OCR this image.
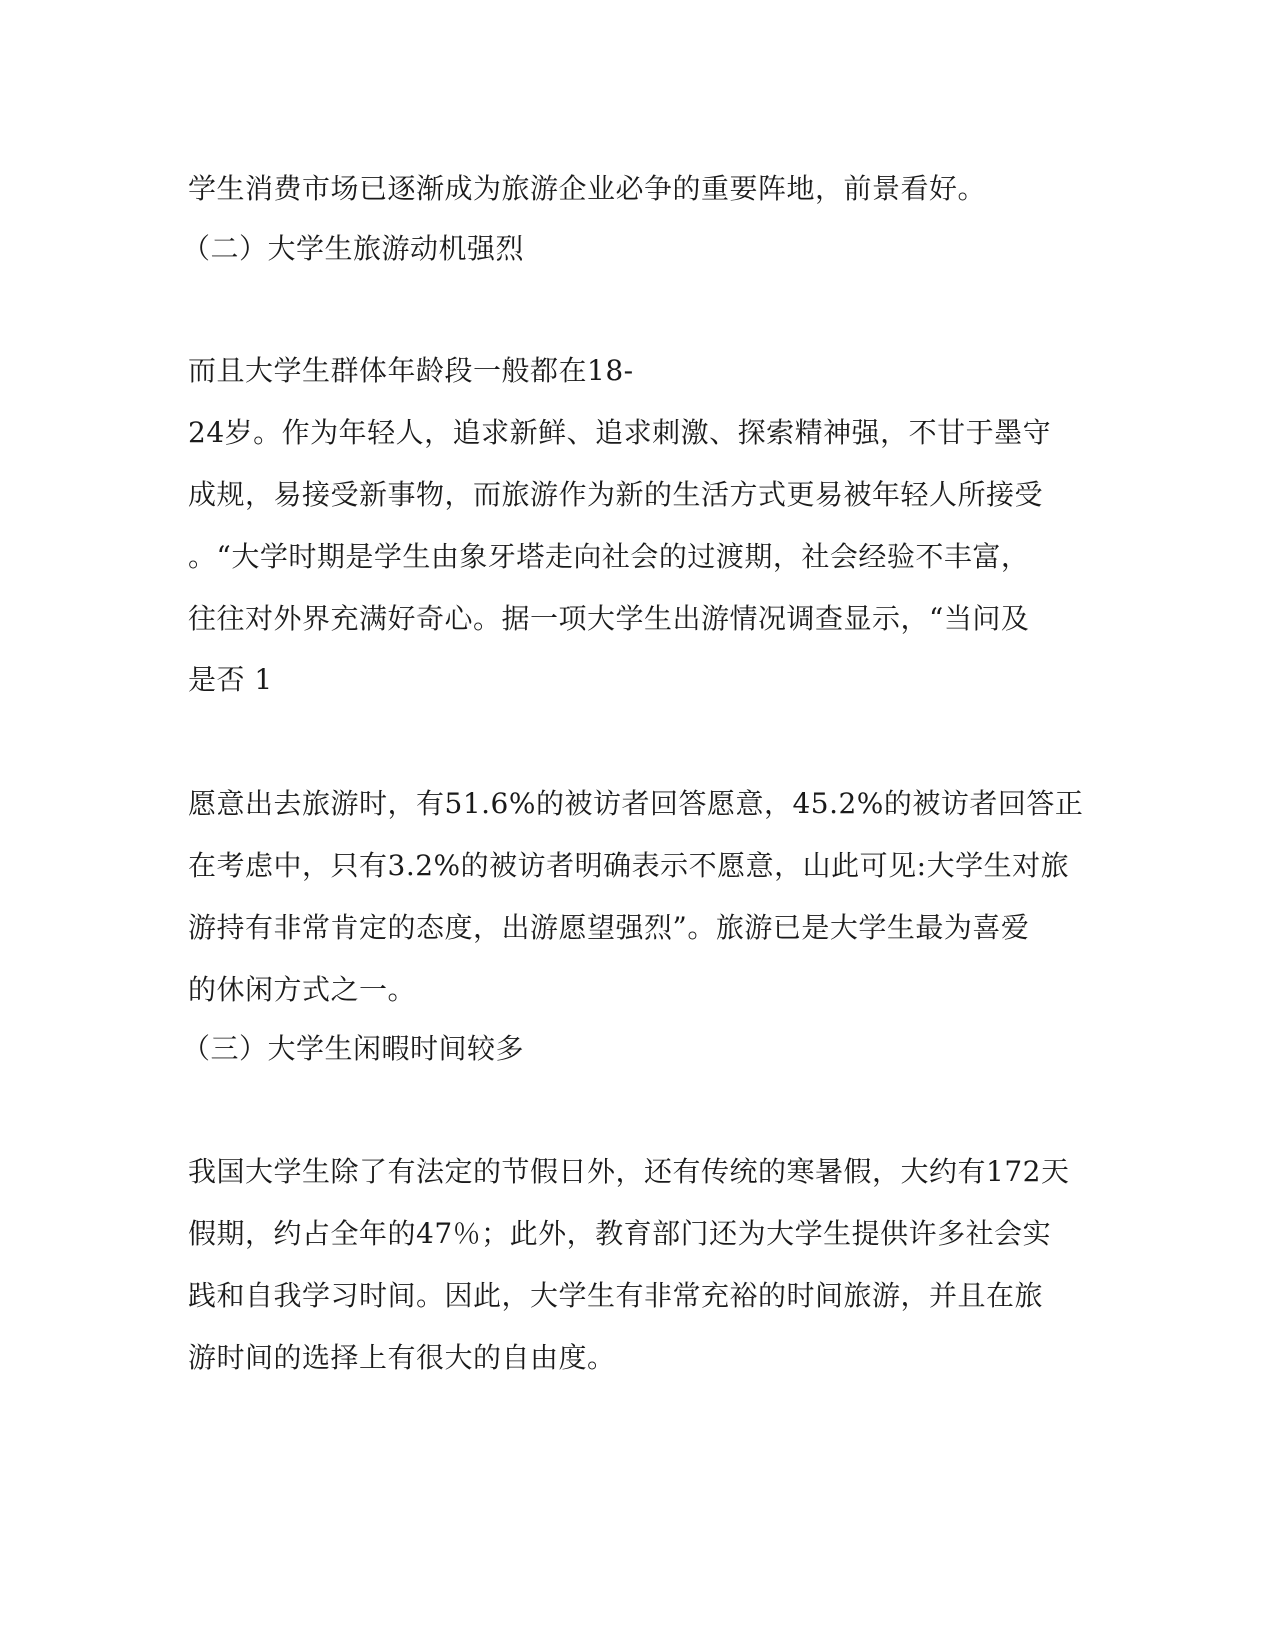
学生消费市场已逐渐成为旅游企业必争的重要阵地，前景看好。
（二）大学生旅游动机强烈
而且大学生群体年龄段一般都在18-
24岁。作为年轻人，追求新鲜、追求刺激、探索精神强，不甘于墨守
成规，易接受新事物，而旅游作为新的生活方式更易被年轻人所接受
。“大学时期是学生由象牙塔走向社会的过渡期，社会经验不丰富，
往往对外界充满好奇心。据一项大学生出游情况调查显示，“当问及
是否 1
愿意出去旅游时，有51.6%的被访者回答愿意，45.2%的被访者回答正
在考虑中，只有3.2%的被访者明确表示不愿意，山此可见:大学生对旅
游持有非常肯定的态度，出游愿望强烈”。旅游已是大学生最为喜爱
的休闲方式之一。
（三）大学生闲暇时间较多
我国大学生除了有法定的节假日外，还有传统的寒暑假，大约有172天
假期，约占全年的47％；此外，教育部门还为大学生提供许多社会实
践和自我学习时间。因此，大学生有非常充裕的时间旅游，并且在旅
游时间的选择上有很大的自由度。
